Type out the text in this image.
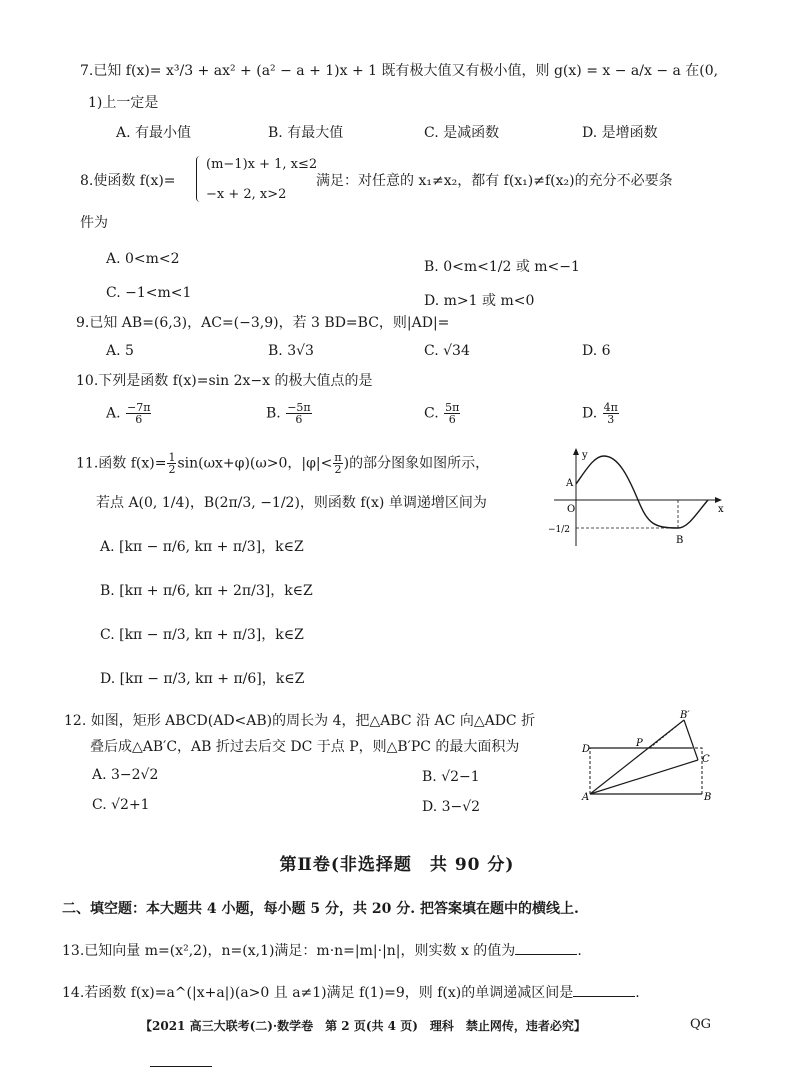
7.已知 f(x)= x³/3 + ax² + (a² − a + 1)x + 1 既有极大值又有极小值，则 g(x) = x − a/x − a 在(0,
1)上一定是
A. 有最小值	B. 有最大值	C. 是减函数	D. 是增函数
8.使函数 f(x)=
(m−1)x + 1, x≤2
−x + 2, x>2
满足：对任意的 x₁≠x₂，都有 f(x₁)≠f(x₂)的充分不必要条
件为
A. 0<m<2	B. 0<m<1/2 或 m<−1
C. −1<m<1	D. m>1 或 m<0
9.已知 AB=(6,3)，AC=(−3,9)，若 3 BD=BC，则|AD|=
A. 5	B. 3√3	C. √34	D. 6
10.下列是函数 f(x)=sin 2x−x 的极大值点的是
A. $\frac{-7\pi}{6}$	B. $\frac{-5\pi}{6}$	C. $\frac{5\pi}{6}$	D. $\frac{4\pi}{3}$
11.函数 $f(x)= \frac{1}{2} \sin(\omega x+\varphi)(\omega>0$，$|\varphi|< \frac{\pi}{2}$ )的部分图象如图所示，
若点 A(0, 1/4)，B(2π/3, −1/2)，则函数 f(x) 单调递增区间为
A. [kπ − π/6, kπ + π/3]，k∈Z
B. [kπ + π/6, kπ + 2π/3]，k∈Z
C. [kπ − π/3, kπ + π/3]，k∈Z
D. [kπ − π/3, kπ + π/6]，k∈Z
y
x
O
A
B
−1/2
12. 如图，矩形 ABCD(AD<AB)的周长为 4，把△ABC 沿 AC 向△ADC 折
叠后成△AB′C，AB 折过去后交 DC 于点 P，则△B′PC 的最大面积为
A. 3−2√2	B. √2−1
C. √2+1	D. 3−√2
B′
D
P
C
A	B
第Ⅱ卷(非选择题　共 90 分)
二、填空题：本大题共 4 小题，每小题 5 分，共 20 分. 把答案填在题中的横线上.
13.已知向量 m=(x²,2)，n=(x,1)满足：m·n=|m|·|n|，则实数 x 的值为	.
14.若函数 f(x)=a^(|x+a|)(a>0 且 a≠1)满足 f(1)=9，则 f(x)的单调递减区间是	.
【2021 高三大联考(二)·数学卷　第 2 页(共 4 页)　理科　禁止网传，违者必究】	QG
